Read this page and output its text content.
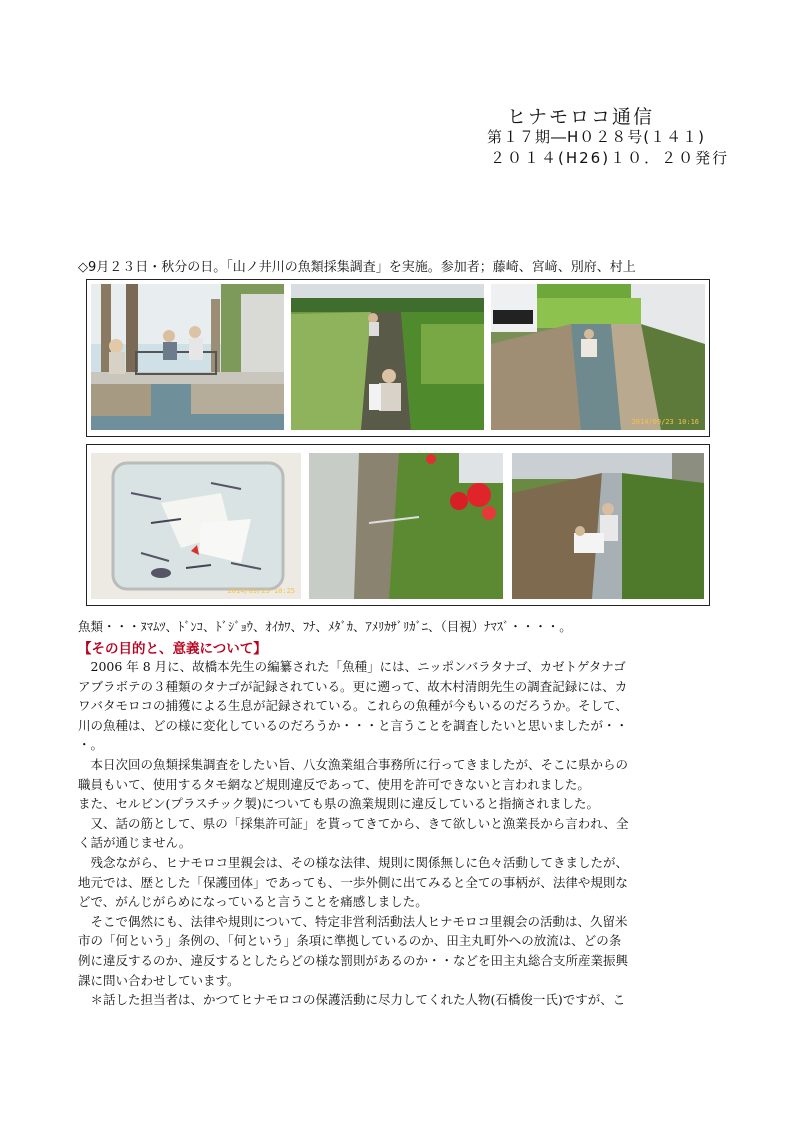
ヒナモロコ通信
第１７期―H０２８号(１４１)
２０１４(H26)１０．２０発行
◇9月２３日・秋分の日。「山ノ井川の魚類採集調査」を実施。参加者；藤崎、宮﨑、別府、村上
2014/09/23 10:16
2014/09/23 10:25
魚類・・・ﾇﾏﾑﾂ、ﾄﾞﾝｺ、ﾄﾞｼﾞｮｳ、ｵｲｶﾜ、ﾌﾅ、ﾒﾀﾞｶ、ｱﾒﾘｶｻﾞﾘｶﾞﾆ、（目視）ﾅﾏｽﾞ・・・・。
【その目的と、意義について】

　2006 年 8 月に、故橋本先生の編纂された「魚種」には、ニッポンバラタナゴ、カゼトゲタナゴ

アブラボテの３種類のタナゴが記録されている。更に遡って、故木村清朗先生の調査記録には、カ

ワバタモロコの捕獲による生息が記録されている。これらの魚種が今もいるのだろうか。そして、

川の魚種は、どの様に変化しているのだろうか・・・と言うことを調査したいと思いましたが・・

・。

　本日次回の魚類採集調査をしたい旨、八女漁業組合事務所に行ってきましたが、そこに県からの

職員もいて、使用するタモ網など規則違反であって、使用を許可できないと言われました。

また、セルビン(プラスチック製)についても県の漁業規則に違反していると指摘されました。

　又、話の筋として、県の「採集許可証」を貰ってきてから、きて欲しいと漁業長から言われ、全

く話が通じません。

　残念ながら、ヒナモロコ里親会は、その様な法律、規則に関係無しに色々活動してきましたが、

地元では、歴とした「保護団体」であっても、一歩外側に出てみると全ての事柄が、法律や規則な

どで、がんじがらめになっていると言うことを痛感しました。

　そこで偶然にも、法律や規則について、特定非営利活動法人ヒナモロコ里親会の活動は、久留米

市の「何という」条例の、「何という」条項に準拠しているのか、田主丸町外への放流は、どの条

例に違反するのか、違反するとしたらどの様な罰則があるのか・・などを田主丸総合支所産業振興

課に問い合わせしています。

　＊話した担当者は、かつてヒナモロコの保護活動に尽力してくれた人物(石橋俊一氏)ですが、こ
